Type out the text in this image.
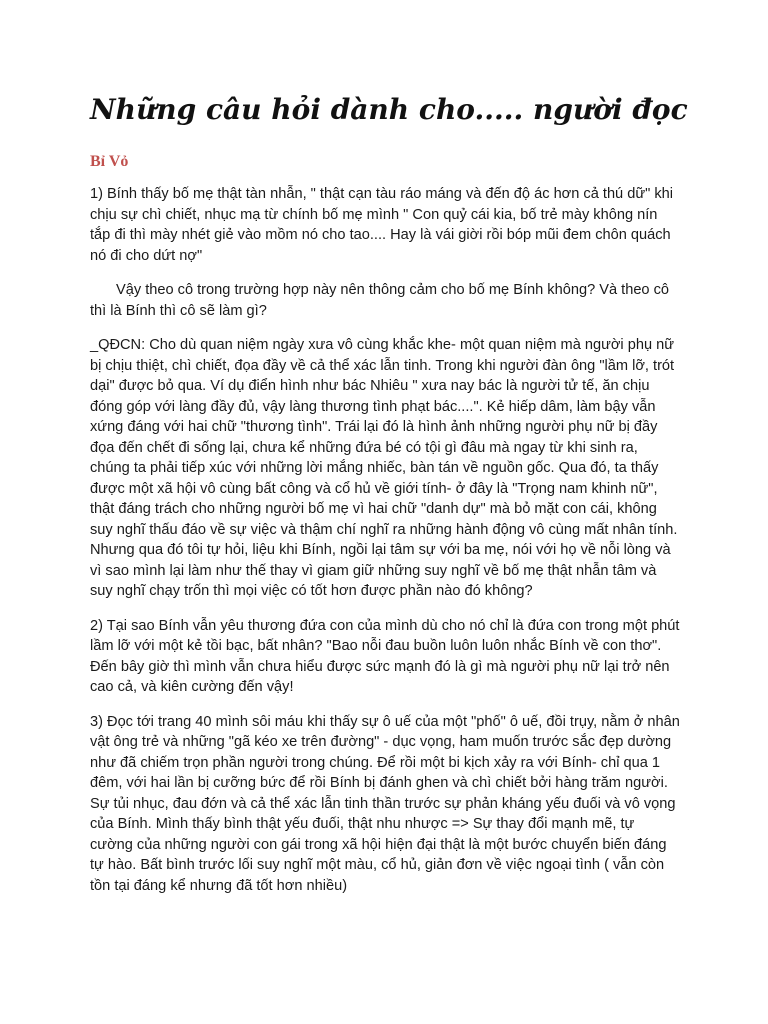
Những câu hỏi dành cho..... người đọc
Bỉ Vỏ

1) Bính thấy bố mẹ thật tàn nhẫn, " thật cạn tàu ráo máng và đến độ ác hơn cả thú dữ" khi chịu sự chì chiết, nhục mạ từ chính bố mẹ mình " Con quỷ cái kia, bố trẻ mày không nín tắp đi thì mày nhét giẻ vào mồm nó cho tao.... Hay là vái giời rồi bóp mũi đem chôn quách nó đi cho dứt nợ"

Vậy theo cô trong trường hợp này nên thông cảm cho bố mẹ Bính không? Và theo cô thì là Bính thì cô sẽ làm gì?

_QĐCN: Cho dù quan niệm ngày xưa vô cùng khắc khe- một quan niệm mà người phụ nữ bị chịu thiệt, chì chiết, đọa đầy về cả thể xác lẫn tinh. Trong khi người đàn ông "lầm lỡ, trót dại" được bỏ qua. Ví dụ điển hình như bác Nhiêu " xưa nay bác là người tử tế, ăn chịu đóng góp với làng đầy đủ, vậy làng thương tình phạt bác....". Kẻ hiếp dâm, làm bậy vẫn xứng đáng với hai chữ "thương tình". Trái lại đó là hình ảnh những người phụ nữ bị đầy đọa đến chết đi sống lại, chưa kể những đứa bé có tội gì đâu mà ngay từ khi sinh ra, chúng ta phải tiếp xúc với những lời mắng nhiếc, bàn tán về nguồn gốc. Qua đó, ta thấy được một xã hội vô cùng bất công và cổ hủ về giới tính- ở đây là "Trọng nam khinh nữ", thật đáng trách cho những người bố mẹ vì hai chữ "danh dự" mà bỏ mặt con cái, không suy nghĩ thấu đáo về sự việc và thậm chí nghĩ ra những hành động vô cùng mất nhân tính. Nhưng qua đó tôi tự hỏi, liệu khi Bính, ngồi lại tâm sự với ba mẹ, nói với họ về nỗi lòng và vì sao mình lại làm như thế thay vì giam giữ những suy nghĩ về bố mẹ thật nhẫn tâm và suy nghĩ chạy trốn thì mọi việc có tốt hơn được phần nào đó không?

2) Tại sao Bính vẫn yêu thương đứa con của mình dù cho nó chỉ là đứa con trong một phút lầm lỡ với một kẻ tồi bạc, bất nhân? "Bao nỗi đau buồn luôn luôn nhắc Bính về con thơ". Đến bây giờ thì mình vẫn chưa hiểu được sức mạnh đó là gì mà người phụ nữ lại trở nên cao cả, và kiên cường đến vậy!

3) Đọc tới trang 40 mình sôi máu khi thấy sự ô uế của một "phố" ô uế, đồi trụy, nằm ở nhân vật ông trẻ và những "gã kéo xe trên đường" - dục vọng, ham muốn trước sắc đẹp dường như đã chiếm trọn phần người trong chúng. Để rồi một bi kịch xảy ra với Bính- chỉ qua 1 đêm, với hai lần bị cưỡng bức để rồi Bính bị đánh ghen và chì chiết bởi hàng trăm người. Sự tủi nhục, đau đớn và cả thể xác lẫn tinh thần trước sự phản kháng yếu đuối và vô vọng của Bính. Mình thấy bình thật yếu đuối, thật nhu nhược => Sự thay đổi mạnh mẽ, tự cường của những người con gái trong xã hội hiện đại thật là một bước chuyển biến đáng tự hào. Bất bình trước lối suy nghĩ một màu, cổ hủ, giản đơn về việc ngoại tình ( vẫn còn tồn tại đáng kể nhưng đã tốt hơn nhiều)
